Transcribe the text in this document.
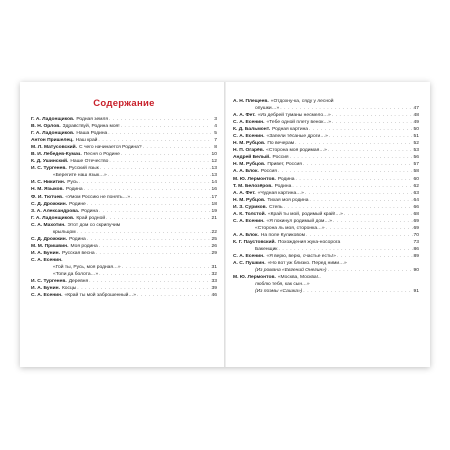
Содержание
Г. А. Ладонщиков. Родная земля . . .	3
В. Н. Орлов. Здравствуй, Родина моя! . . .	4
Г. А. Ладонщиков. Наша Родина . . .	5
Антон Пришелец. Наш край . . .	7
М. Л. Матусовский. С чего начинается Родина? . . .	8
В. И. Лебедев-Кумач. Песня о Родине . . .	10
К. Д. Ушинский. Наше Отечество . . .	12
И. С. Тургенев. Русский язык . . .	13
«Берегите наш язык…» . . .	13
И. С. Никитин. Русь . . .	14
Н. М. Языков. Родина . . .	16
Ф. И. Тютчев. «Умом Россию не понять…» . . .	17
С. Д. Дрожжин. Родине . . .	18
З. А. Александрова. Родина . . .	19
Г. А. Ладонщиков. Край родной . . .	21
С. А. Махотин. Этот дом со скрипучим
крыльцом . . .	22
С. Д. Дрожжин. Родина . . .	25
М. М. Пришвин. Моя родина . . .	26
И. А. Бунин. Русская весна . . .	29
С. А. Есенин.
«Гой ты, Русь, моя родная…» . . .	31
«Топи да болота…» . . .	32
И. С. Тургенев. Деревня . . .	33
И. А. Бунин. Косцы . . .	39
С. А. Есенин. «Край ты мой заброшенный…» . . .	46
А. Н. Плещеев. «Отдохну-ка, сяду у лесной
опушки…» . . .	47
А. А. Фет. «Из дебрей туманы несмело…» . . .	48
С. А. Есенин. «Тебе одной плету венок…» . . .	49
К. Д. Бальмонт. Родная картина . . .	50
С. А. Есенин. «Запели тёсаные дроги…» . . .	51
Н. М. Рубцов. По вечерам . . .	52
Н. П. Огарёв. «Сторона моя родимая…» . . .	53
Андрей Белый. Россия . . .	56
Н. М. Рубцов. Привет, Россия . . .	57
А. А. Блок. Россия . . .	58
М. Ю. Лермонтов. Родина . . .	60
Т. М. Белозёров. Родина . . .	62
А. А. Фет. «Чудная картина…» . . .	63
Н. М. Рубцов. Тихая моя родина . . .	64
И. З. Суриков. Степь . . .	66
А. К. Толстой. «Край ты мой, родимый край!…» . . .	68
С. А. Есенин. «Я покинул родимый дом…» . . .	69
«Сторона ль моя, сторонка…» . . .	69
А. А. Блок. На поле Куликовом . . .	70
К. Г. Паустовский. Похождения жука-носорога	73
Бакенщик . . .	86
С. А. Есенин. «Я верю, верю, счастье есть!» . . .	89
А. С. Пушкин. «Но вот уж близко. Перед ними…»
(Из романа «Евгений Онегин») . . .	90
М. Ю. Лермонтов. «Москва, Москва!..
люблю тебя, как сын…»
(Из поэмы «Сашка») . . .	91
